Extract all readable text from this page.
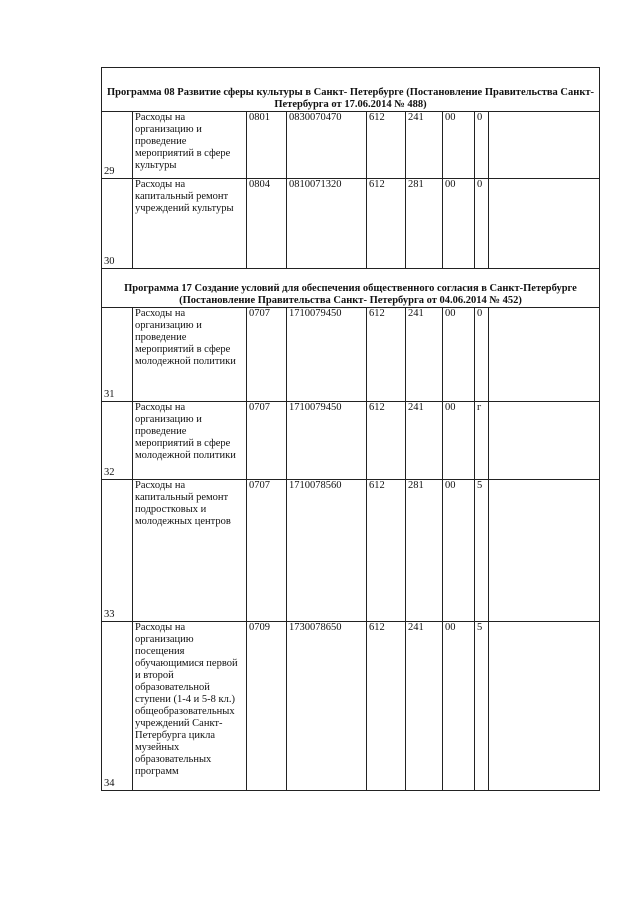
Программа 08 Развитие сферы культуры в Санкт- Петербурге (Постановление Правительства Санкт-Петербурга от 17.06.2014 № 488)								
29	Расходы на организацию и проведение мероприятий в сфере культуры	0801	0830070470	612	241	00	0	
30	Расходы на капитальный ремонт учреждений культуры	0804	0810071320	612	281	00	0	
Программа 17 Создание условий для обеспечения общественного согласия в Санкт-Петербурге (Постановление Правительства Санкт- Петербурга от 04.06.2014 № 452)								
31	Расходы на организацию и проведение мероприятий в сфере молодежной политики	0707	1710079450	612	241	00	0	
32	Расходы на организацию и проведение мероприятий в сфере молодежной политики	0707	1710079450	612	241	00	г	
33	Расходы на капитальный ремонт подростковых и молодежных центров	0707	1710078560	612	281	00	5	
34	Расходы на организацию посещения обучающимися первой и второй образовательной ступени (1-4 и 5-8 кл.) общеобразовательных учреждений Санкт-Петербурга цикла музейных образовательных программ	0709	1730078650	612	241	00	5	
